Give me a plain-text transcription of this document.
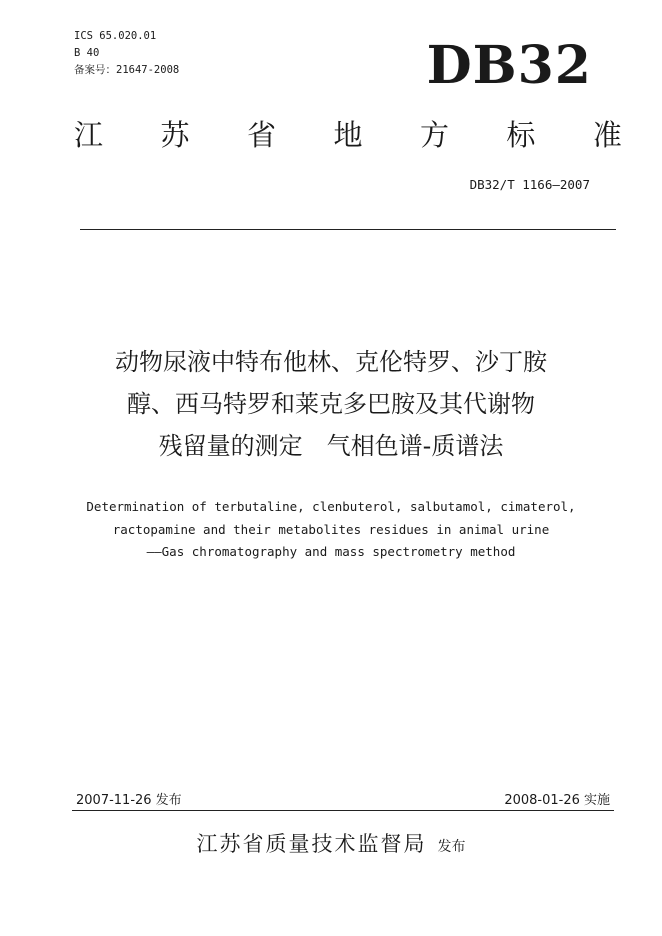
ICS 65.020.01
B 40
备案号：21647-2008	DB32
江 苏 省 地 方 标 准
DB32/T 1166—2007
动物尿液中特布他林、克伦特罗、沙丁胺
醇、西马特罗和莱克多巴胺及其代谢物
残留量的测定　气相色谱-质谱法
Determination of terbutaline, clenbuterol, salbutamol, cimaterol,
ractopamine and their metabolites residues in animal urine
——Gas chromatography and mass spectrometry method
2007-11-26 发布	2008-01-26 实施
江苏省质量技术监督局 发布
